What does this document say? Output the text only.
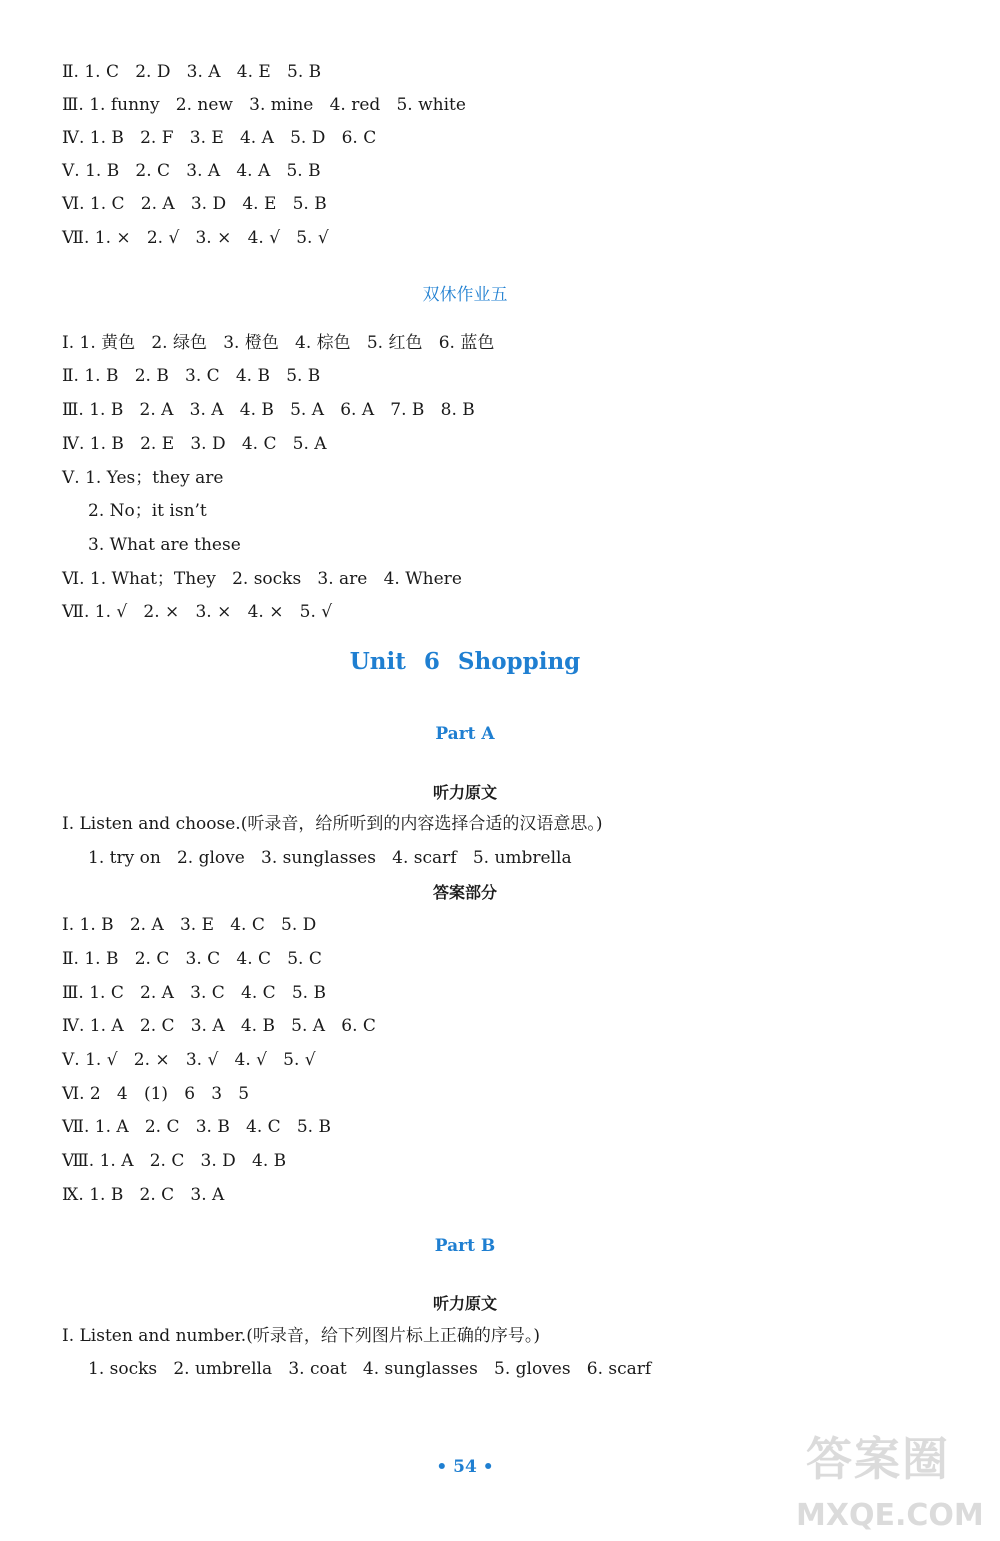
Ⅱ. 1. C   2. D   3. A   4. E   5. B
Ⅲ. 1. funny   2. new   3. mine   4. red   5. white
Ⅳ. 1. B   2. F   3. E   4. A   5. D   6. C
Ⅴ. 1. B   2. C   3. A   4. A   5. B
Ⅵ. 1. C   2. A   3. D   4. E   5. B
Ⅶ. 1. ×   2. √   3. ×   4. √   5. √
双休作业五
Ⅰ. 1. 黄色   2. 绿色   3. 橙色   4. 棕色   5. 红色   6. 蓝色
Ⅱ. 1. B   2. B   3. C   4. B   5. B
Ⅲ. 1. B   2. A   3. A   4. B   5. A   6. A   7. B   8. B
Ⅳ. 1. B   2. E   3. D   4. C   5. A
Ⅴ. 1. Yes；they are
2. No；it isn’t
3. What are these
Ⅵ. 1. What；They   2. socks   3. are   4. Where
Ⅶ. 1. √   2. ×   3. ×   4. ×   5. √
Unit 6 Shopping
Part A
听力原文
Ⅰ. Listen and choose.(听录音，给所听到的内容选择合适的汉语意思。)
1. try on   2. glove   3. sunglasses   4. scarf   5. umbrella
答案部分
Ⅰ. 1. B   2. A   3. E   4. C   5. D
Ⅱ. 1. B   2. C   3. C   4. C   5. C
Ⅲ. 1. C   2. A   3. C   4. C   5. B
Ⅳ. 1. A   2. C   3. A   4. B   5. A   6. C
Ⅴ. 1. √   2. ×   3. √   4. √   5. √
Ⅵ. 2   4   (1)   6   3   5
Ⅶ. 1. A   2. C   3. B   4. C   5. B
Ⅷ. 1. A   2. C   3. D   4. B
Ⅸ. 1. B   2. C   3. A
Part B
听力原文
Ⅰ. Listen and number.(听录音，给下列图片标上正确的序号。)
1. socks   2. umbrella   3. coat   4. sunglasses   5. gloves   6. scarf
• 54 •	答案圈
MXQE.COM
